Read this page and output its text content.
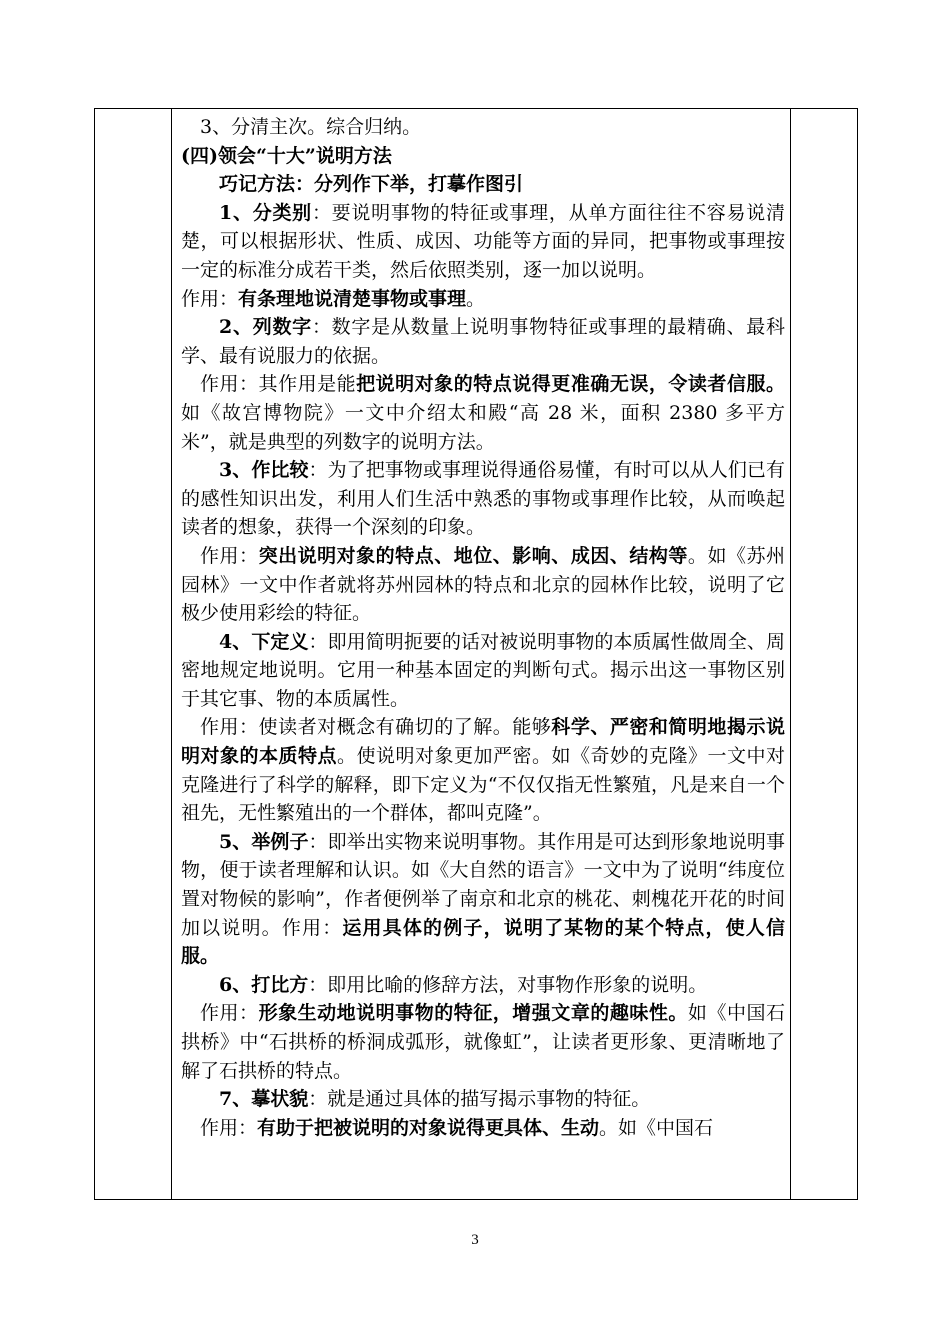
3、分清主次。综合归纳。

(四)领会“十大”说明方法

巧记方法：分列作下举，打摹作图引

1、分类别：要说明事物的特征或事理，从单方面往往不容易说清楚，可以根据形状、性质、成因、功能等方面的异同，把事物或事理按一定的标准分成若干类，然后依照类别，逐一加以说明。

作用：有条理地说清楚事物或事理。

2、列数字：数字是从数量上说明事物特征或事理的最精确、最科学、最有说服力的依据。

作用：其作用是能把说明对象的特点说得更准确无误，令读者信服。如《故宫博物院》一文中介绍太和殿“高 28 米，面积 2380 多平方米”，就是典型的列数字的说明方法。

3、作比较：为了把事物或事理说得通俗易懂，有时可以从人们已有的感性知识出发，利用人们生活中熟悉的事物或事理作比较，从而唤起读者的想象，获得一个深刻的印象。

作用：突出说明对象的特点、地位、影响、成因、结构等。如《苏州园林》一文中作者就将苏州园林的特点和北京的园林作比较，说明了它极少使用彩绘的特征。

4、下定义：即用简明扼要的话对被说明事物的本质属性做周全、周密地规定地说明。它用一种基本固定的判断句式。揭示出这一事物区别于其它事、物的本质属性。

作用：使读者对概念有确切的了解。能够科学、严密和简明地揭示说明对象的本质特点。使说明对象更加严密。如《奇妙的克隆》一文中对克隆进行了科学的解释，即下定义为“不仅仅指无性繁殖，凡是来自一个祖先，无性繁殖出的一个群体，都叫克隆”。

5、举例子：即举出实物来说明事物。其作用是可达到形象地说明事物，便于读者理解和认识。如《大自然的语言》一文中为了说明“纬度位置对物候的影响”，作者便例举了南京和北京的桃花、刺槐花开花的时间加以说明。作用：运用具体的例子，说明了某物的某个特点，使人信服。

6、打比方：即用比喻的修辞方法，对事物作形象的说明。

作用：形象生动地说明事物的特征，增强文章的趣味性。如《中国石拱桥》中“石拱桥的桥洞成弧形，就像虹”，让读者更形象、更清晰地了解了石拱桥的特点。

7、摹状貌：就是通过具体的描写揭示事物的特征。

作用：有助于把被说明的对象说得更具体、生动。如《中国石

3
